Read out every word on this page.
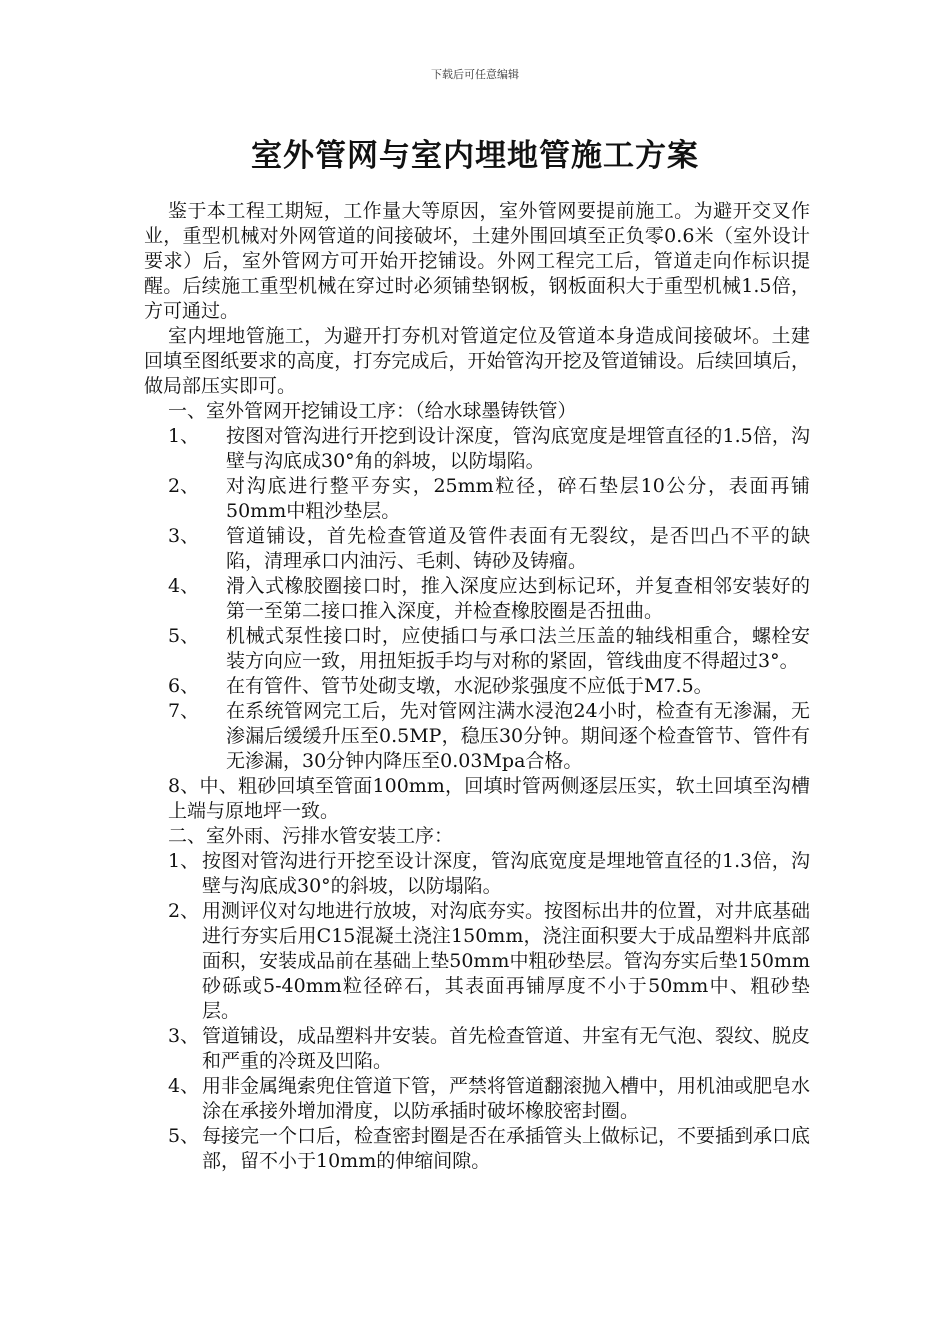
下载后可任意编辑
室外管网与室内埋地管施工方案

鉴于本工程工期短，工作量大等原因，室外管网要提前施工。为避开交叉作业，重型机械对外网管道的间接破坏，土建外围回填至正负零0.6米（室外设计要求）后，室外管网方可开始开挖铺设。外网工程完工后，管道走向作标识提醒。后续施工重型机械在穿过时必须铺垫钢板，钢板面积大于重型机械1.5倍，方可通过。

室内埋地管施工，为避开打夯机对管道定位及管道本身造成间接破坏。土建回填至图纸要求的高度，打夯完成后，开始管沟开挖及管道铺设。后续回填后，做局部压实即可。

一、室外管网开挖铺设工序：（给水球墨铸铁管）

1、	按图对管沟进行开挖到设计深度，管沟底宽度是埋管直径的1.5倍，沟壁与沟底成30°角的斜坡，以防塌陷。
2、	对沟底进行整平夯实，25mm粒径，碎石垫层10公分，表面再铺50mm中粗沙垫层。
3、	管道铺设，首先检查管道及管件表面有无裂纹，是否凹凸不平的缺陷，清理承口内油污、毛刺、铸砂及铸瘤。
4、	滑入式橡胶圈接口时，推入深度应达到标记环，并复查相邻安装好的第一至第二接口推入深度，并检查橡胶圈是否扭曲。
5、	机械式泵性接口时，应使插口与承口法兰压盖的轴线相重合，螺栓安装方向应一致，用扭矩扳手均与对称的紧固，管线曲度不得超过3°。
6、	在有管件、管节处砌支墩，水泥砂浆强度不应低于M7.5。
7、	在系统管网完工后，先对管网注满水浸泡24小时，检查有无渗漏，无渗漏后缓缓升压至0.5MP，稳压30分钟。期间逐个检查管节、管件有无渗漏，30分钟内降压至0.03Mpa合格。

8、中、粗砂回填至管面100mm，回填时管两侧逐层压实，软土回填至沟槽上端与原地坪一致。

二、室外雨、污排水管安装工序：

1、 按图对管沟进行开挖至设计深度，管沟底宽度是埋地管直径的1.3倍，沟壁与沟底成30°的斜坡，以防塌陷。
2、 用测评仪对勾地进行放坡，对沟底夯实。按图标出井的位置，对井底基础进行夯实后用C15混凝土浇注150mm，浇注面积要大于成品塑料井底部面积，安装成品前在基础上垫50mm中粗砂垫层。管沟夯实后垫150mm砂砾或5-40mm粒径碎石，其表面再铺厚度不小于50mm中、粗砂垫层。
3、 管道铺设，成品塑料井安装。首先检查管道、井室有无气泡、裂纹、脱皮和严重的冷斑及凹陷。
4、 用非金属绳索兜住管道下管，严禁将管道翻滚抛入槽中，用机油或肥皂水涂在承接外增加滑度，以防承插时破坏橡胶密封圈。
5、 每接完一个口后，检查密封圈是否在承插管头上做标记，不要插到承口底部，留不小于10mm的伸缩间隙。
